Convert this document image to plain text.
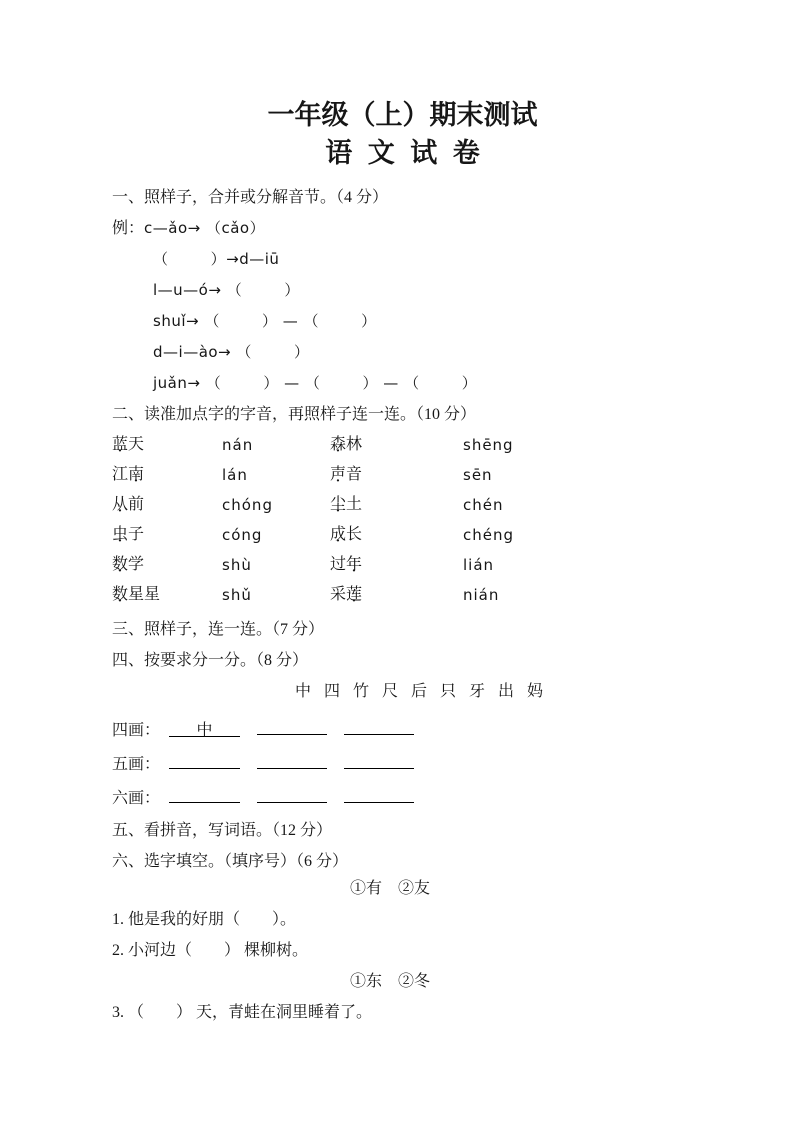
一年级（上）期末测试
语 文 试 卷
一、照样子，合并或分解音节。（4 分）
例：c—ǎo→ （cǎo）
（        ）→d—iū
l—u—ó→ （        ）
shuǐ→ （        ） — （        ）
d—i—ào→ （        ）
juǎn→ （        ） — （        ） — （        ）
二、读准加点字的字音，再照样子连一连。（10 分）
蓝 ·天	nán	森 ·林	shēng
江南 ·	lán	声 ·音	sēn
从 ·前	chóng	尘 ·土	chén
虫 ·子	cóng	成 ·长	chéng
数 ·学	shù	过年 ·	lián
数 ·星星	shǔ	采莲 ·	nián
三、照样子，连一连。（7 分）
四、按要求分一分。（8 分）
中 四 竹 尺 后 只 牙 出 妈
四画： 中
五画：
六画：
五、看拼音，写词语。（12 分）
六、选字填空。（填序号）（6 分）
①有    ②友
1. 他是我的好朋（        ）。
2. 小河边（        ） 棵柳树。
①东    ②冬
3. （        ） 天，青蛙在洞里睡着了。
